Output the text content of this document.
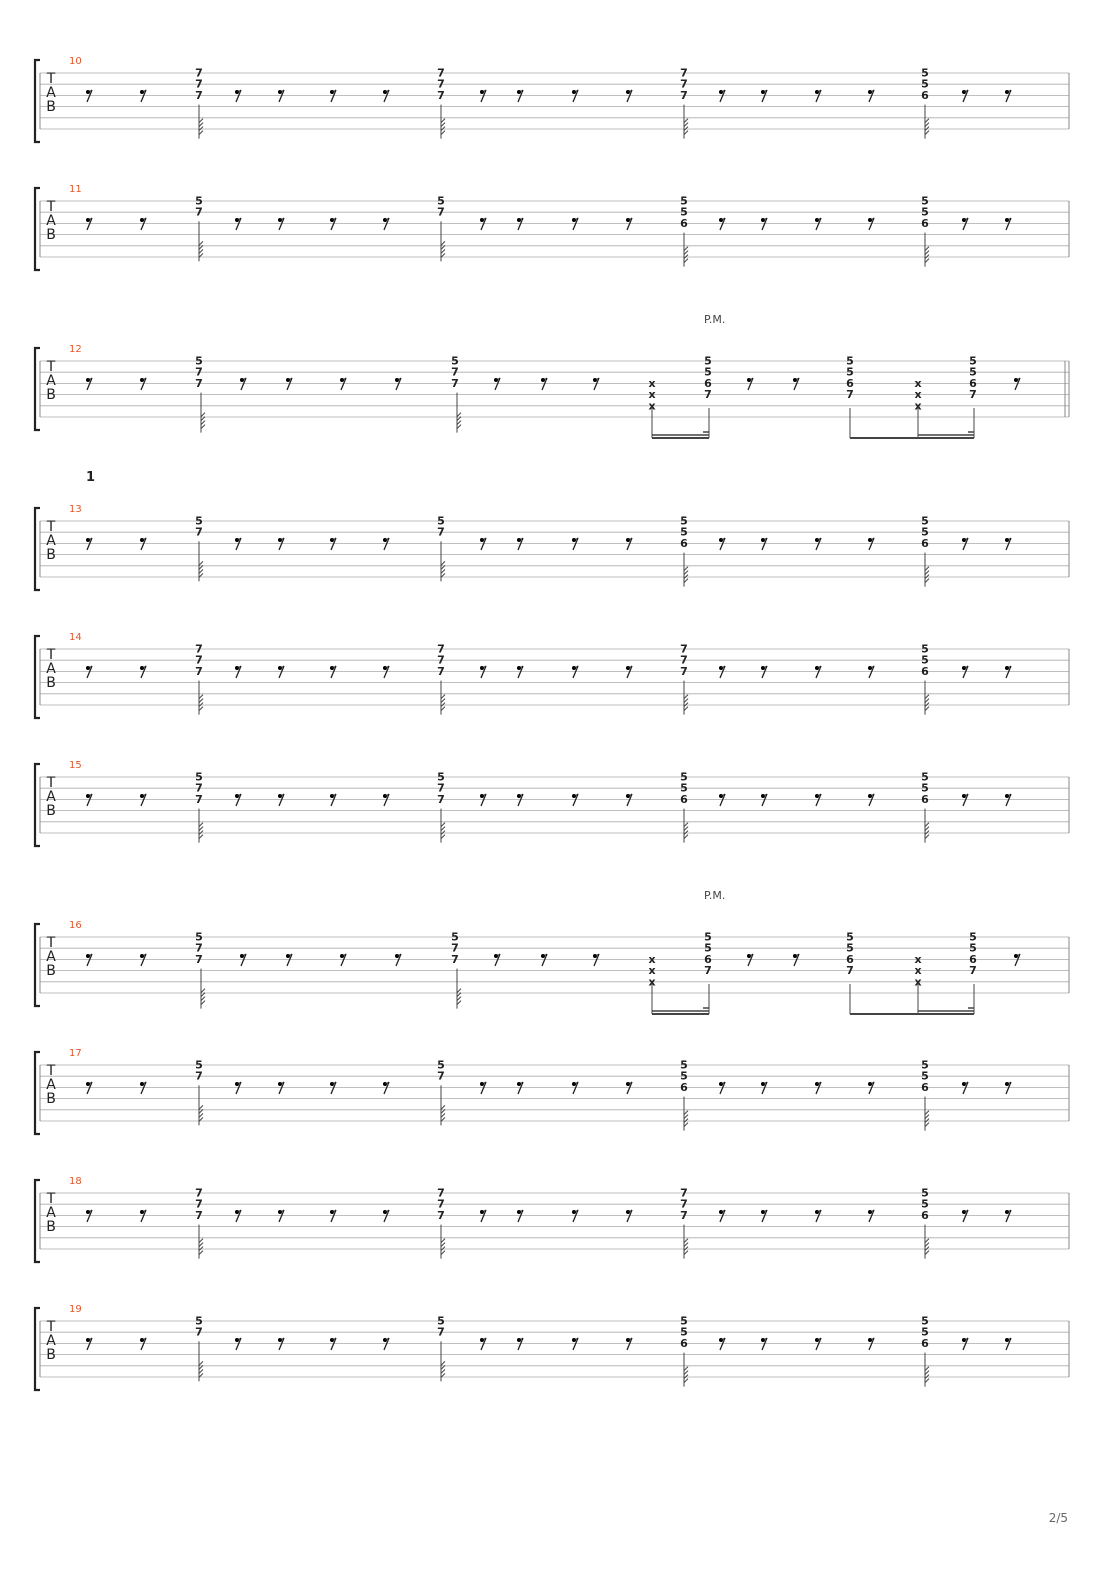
P.M.
1
P.M.
2/5
10
T
A
B
7
7
7
7
7
7
7
7
7
5
5
6
11
T
A
B
5
7
5
7
5
5
6
5
5
6
12
T
A
B
5
7
7
5
7
7	x
x
x
5
5
6
7
5
5
6
7
x
x
x
5
5
6
7
13
T
A
B
5
7
5
7
5
5
6
5
5
6
14
T
A
B
7
7
7
7
7
7
7
7
7
5
5
6
15
T
A
B
5
7
7
5
7
7
5
5
6
5
5
6
16
T
A
B
5
7
7
5
7
7	x
x
x
5
5
6
7
5
5
6
7
x
x
x
5
5
6
7
17
T
A
B
5
7
5
7
5
5
6
5
5
6
18
T
A
B
7
7
7
7
7
7
7
7
7
5
5
6
19
T
A
B
5
7
5
7
5
5
6
5
5
6
